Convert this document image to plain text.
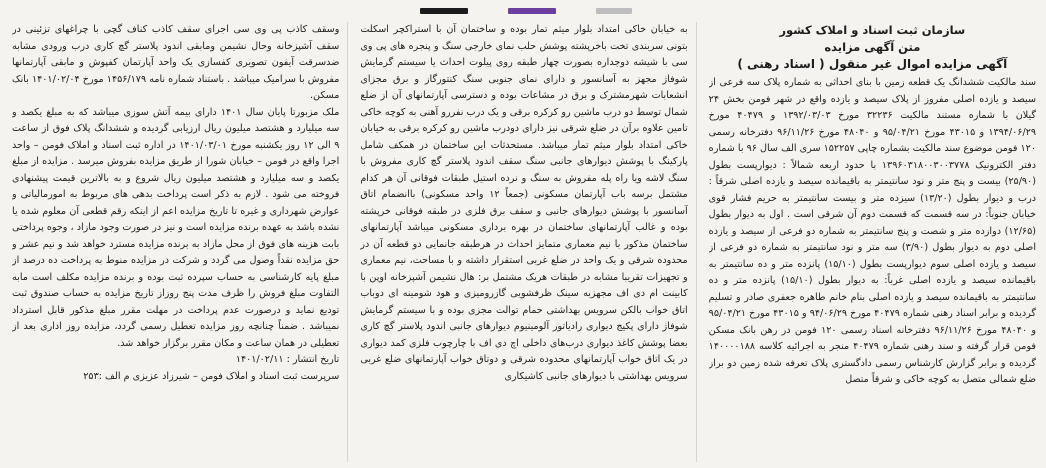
سازمان ثبت اسناد و املاک کشور

متن آگهی مزایده

آگهی مزایده اموال غیر منقول ( اسناد رهنی )

سند مالکیت ششدانگ یک قطعه زمین با بنای احداثی به شماره پلاک سه فرعی از سیصد و یازده اصلی مفروز از پلاک سیصد و یازده واقع در شهر فومن بخش ۲۴ گیلان با شماره مستند مالکیت ۳۲۲۳۶ مورخ ۱۳۹۲/۰۳/۰۳ و ۴۰۴۷۹ مورخ ۱۳۹۴/۰۶/۲۹ و ۴۳۰۱۵ مورخ ۹۵/۰۴/۲۱ و ۴۸۰۴۰ مورخ ۹۶/۱۱/۲۶ دفترخانه رسمی ۱۲۰ فومن موضوع سند مالکیت بشماره چاپی ۱۵۲۲۵۷ سری الف سال ۹۶ با شماره دفتر الکترونیک ۱۳۹۶۰۳۱۸۰۰۳۰۰۳۷۷۸ با حدود اربعه شمالاً : دیوارپست بطول (۲۵/۹۰) بیست و پنج متر و نود سانتیمتر به باقیمانده سیصد و یازده اصلی شرقاً : درب و دیوار بطول (۱۳/۲۰) سیزده متر و بیست سانتیمتر به حریم فشار قوی خیابان جنوباً: در سه قسمت که قسمت دوم آن شرقی است . اول به دیوار بطول (۱۲/۶۵) دوازده متر و شصت و پنج سانتیمتر به شماره دو فرعی از سیصد و یازده اصلی دوم به دیوار بطول (۳/۹۰) سه متر و نود سانتیمتر به شماره دو فرعی از سیصد و یازده اصلی سوم دیوارپست بطول (۱۵/۱۰) پانزده متر و ده سانتیمتر به باقیمانده سیصد و یازده اصلی غرباً: به دیوار بطول (۱۵/۱۰) پانزده متر و ده سانتیمتر به باقیمانده سیصد و یازده اصلی بنام خانم طاهره جعفری صادر و تسلیم گردیده و برابر اسناد رهنی شماره ۴۰۴۷۹ مورخ ۹۴/۰۶/۲۹ و ۴۳۰۱۵ مورخ ۹۵/۰۴/۲۱ و ۴۸۰۴۰ مورخ ۹۶/۱۱/۲۶ دفترخانه اسناد رسمی ۱۲۰ فومن در رهن بانک مسکن فومن قرار گرفته و سند رهنی شماره ۴۰۴۷۹ منجر به اجرائیه کلاسه ۱۴۰۰۰۰۱۸۸ گردیده و برابر گزارش کارشناس رسمی دادگستری پلاک تعرفه شده زمین دو براز ضلع شمالی متصل به کوچه خاکی و شرقاً متصل

به خیابان خاکی امتداد بلوار میثم تمار بوده و ساختمان آن با استراکچر اسکلت بتونی سربندی تخت باخرپشته پوشش حلب نمای خارجی سنگ و پنجره های پی وی سی با شیشه دوجداره بصورت چهار طبقه روی پیلوت احداث یا سیستم گرمایش شوفاژ مجهز به آسانسور و دارای نمای جنوبی سنگ کنتورگاز و برق مجزای انشعابات شهرمشترک و برق در مشاعات بوده و دسترسی آپارتمانهای آن از ضلع شمال توسط دو درب ماشین رو کرکره برقی و یک درب نفررو آهنی به کوچه خاکی تامین علاوه برآن در ضلع شرقی نیز دارای دودرب ماشین رو کرکره برقی به خیابان خاکی امتداد بلوار میثم تمار میباشد. مستحدثات این ساختمان در همکف شامل پارکینگ با پوشش دیوارهای جانبی سنگ سقف اندود پلاستر گچ کاری مفروش با سنگ لاشه ویا راه پله مفروش به سنگ و نرده استیل طبقات فوقانی آن هر کدام مشتمل برسه باب آپارتمان مسکونی (جمعاً ۱۲ واحد مسکونی) باانضمام اتاق آسانسور با پوشش دیوارهای جانبی و سقف برق فلزی در طبقه فوقانی خرپشته بوده و غالب آپارتمانهای ساختمان در بهره برداری مسکونی میباشد آپارتمانهای ساختمان مذکور با نیم معماری متمایز احداث در هرطبقه جانمایی دو قطعه آن در محدوده شرقی و یک واحد در ضلع غربی استقرار داشته و با مساحت، نیم معماری و تجهیزات تقریبا مشابه در طبقات هریک مشتمل بر: هال نشیمن آشپزخانه اوپن با کابینت ام دی اف مجهزبه سینک ظرفشویی گازرومیزی و هود شومینه ای دوباب اتاق خواب بالکن سرویس بهداشتی حمام توالت مجزی بوده و با سیستم گرمایش شوفاژ دارای پکیج دیواری رادیاتور آلومینیوم دیوارهای جانبی اندود پلاستر گچ کاری بعضا پوشش کاغذ دیواری درب‌های داخلی اچ دی اف با چارچوب فلزی کمد دیواری در یک اتاق خواب آپارتمانهای محدوده شرقی و دوتاق خواب آپارتمانهای ضلع غربی سرویس بهداشتی با دیوارهای جانبی کاشیکاری

وسقف کاذب پی وی سی اجرای سقف کاذب کناف گچی با چراغهای تزئینی در سقف آشپزخانه وحال نشیمن ومابقی اندود پلاستر گچ کاری درب ورودی مشابه ضدسرقت آیفون تصویری کفسازی یک واحد آپارتمان کفپوش و مابقی آپارتمانها مفروش با سرامیک میباشد . باستناد شماره نامه ۱۴۵۶/۱۷۹ مورخ ۱۴۰۱/۰۲/۰۴ بانک مسکن.

ملک مزبورتا پایان سال ۱۴۰۱ دارای بیمه آتش سوزی میباشد که به مبلغ یکصد و سه میلیارد و هشتصد میلیون ریال ارزیابی گردیده و ششدانگ پلاک فوق از ساعت ۹ الی ۱۲ روز یکشنبه مورخ ۱۴۰۱/۰۳/۰۱ در اداره ثبت اسناد و املاک فومن – واحد اجرا واقع در فومن – خیابان شورا از طریق مزایده بفروش میرسد . مزایده از مبلغ یکصد و سه میلیارد و هشتصد میلیون ریال شروع و به بالاترین قیمت پیشنهادی فروخته می شود . لازم به ذکر است پرداخت بدهی های مربوط به امورمالیاتی و عوارض شهرداری و غیره تا تاریخ مزایده اعم از اینکه رقم قطعی آن معلوم شده یا نشده باشد به عهده برنده مزایده است و نیز در صورت وجود مازاد ، وجوه پرداختی بابت هزینه های فوق از محل مازاد به برنده مزایده مسترد خواهد شد و نیم عشر و حق مزایده نقداً وصول می گردد و شرکت در مزایده منوط به پرداخت ده درصد از مبلغ پایه کارشناسی به حساب سپرده ثبت بوده و برنده مزایده مکلف است مابه التفاوت مبلغ فروش را ظرف مدت پنج روزاز تاریخ مزایده به حساب صندوق ثبت تودیع نماید و درصورت عدم پرداخت در مهلت مقرر مبلغ مذکور قابل استرداد نمیباشد . ضمناً چنانچه روز مزایده تعطیل رسمی گردد، مزایده روز اداری بعد از تعطیلی در همان ساعت و مکان مقرر برگزار خواهد شد.

تاریخ انتشار : ۱۴۰۱/۰۲/۱۱

سرپرست ثبت اسناد و املاک فومن – شیرزاد عزیزی م الف :۲۵۳
